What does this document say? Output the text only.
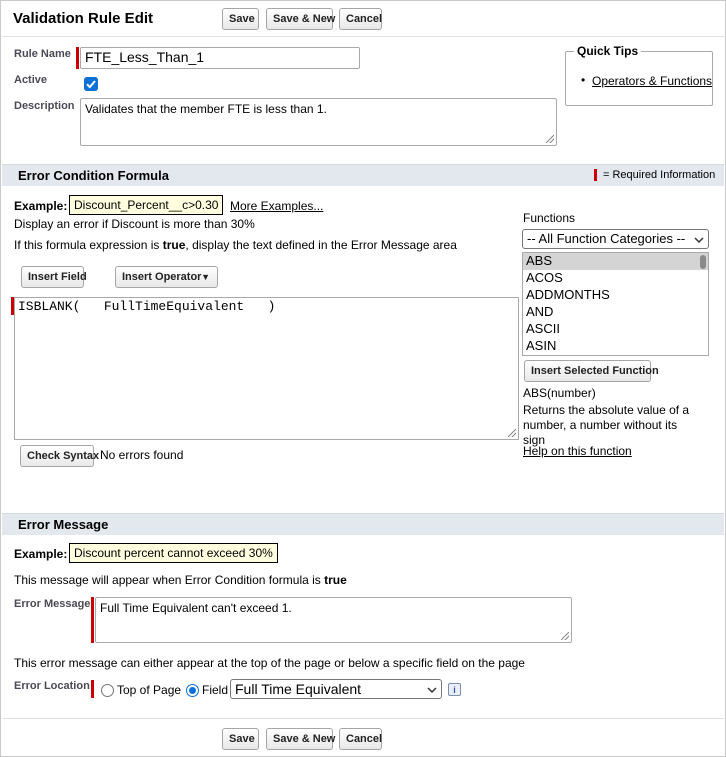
Validation Rule Edit	Save	Save & New Cancel
Rule Name	FTE_Less_Than_1
Active
Description Validates that the member FTE is less than 1.
Quick Tips
• Operators & Functions
Error Condition Formula	= Required Information
Example: Discount_Percent__c>0.30 More Examples...
Display an error if Discount is more than 30%
If this formula expression is true, display the text defined in the Error Message area
Insert Field	Insert Operator ▼
ISBLANK(   FullTimeEquivalent   )
Check Syntax No errors found
Functions
-- All Function Categories --
ABS
ACOS
ADDMONTHS
AND
ASCII
ASIN
Insert Selected Function
ABS(number)
Returns the absolute value of a number, a number without its sign
Help on this function
Error Message
Example: Discount percent cannot exceed 30%
This message will appear when Error Condition formula is true
Error Message Full Time Equivalent can't exceed 1.
This error message can either appear at the top of the page or below a specific field on the page
Error Location Top of Page Field Full Time Equivalent	i
Save	Save & New Cancel
